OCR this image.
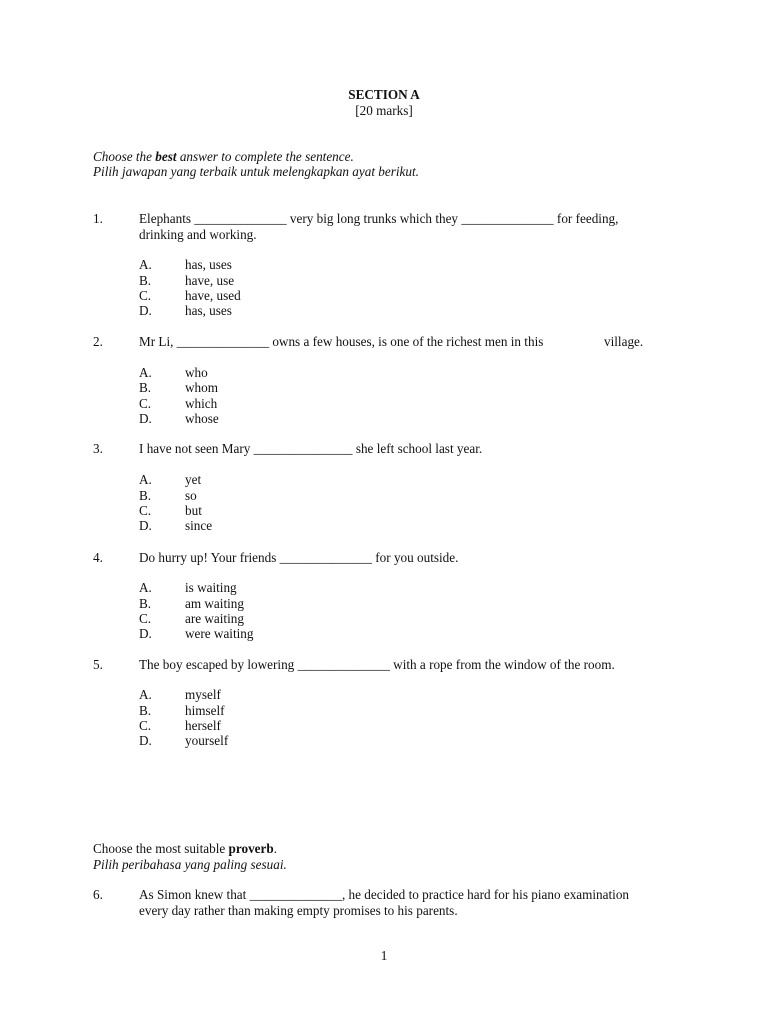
SECTION A
[20 marks]
Choose the best answer to complete the sentence.
Pilih jawapan yang terbaik untuk melengkapkan ayat berikut.
1.	Elephants ______________ very big long trunks which they ______________ for feeding,
drinking and working.
A.	has, uses
B.	have, use
C.	have, used
D.	has, uses
2.	Mr Li, ______________ owns a few houses, is one of the richest men in this	village.
A.	who
B.	whom
C.	which
D.	whose
3.	I have not seen Mary _______________ she left school last year.
A.	yet
B.	so
C.	but
D.	since
4.	Do hurry up! Your friends ______________ for you outside.
A.	is waiting
B.	am waiting
C.	are waiting
D.	were waiting
5.	The boy escaped by lowering ______________ with a rope from the window of the room.
A.	myself
B.	himself
C.	herself
D.	yourself
Choose the most suitable proverb.
Pilih peribahasa yang paling sesuai.
6.	As Simon knew that ______________, he decided to practice hard for his piano examination
every day rather than making empty promises to his parents.
1
